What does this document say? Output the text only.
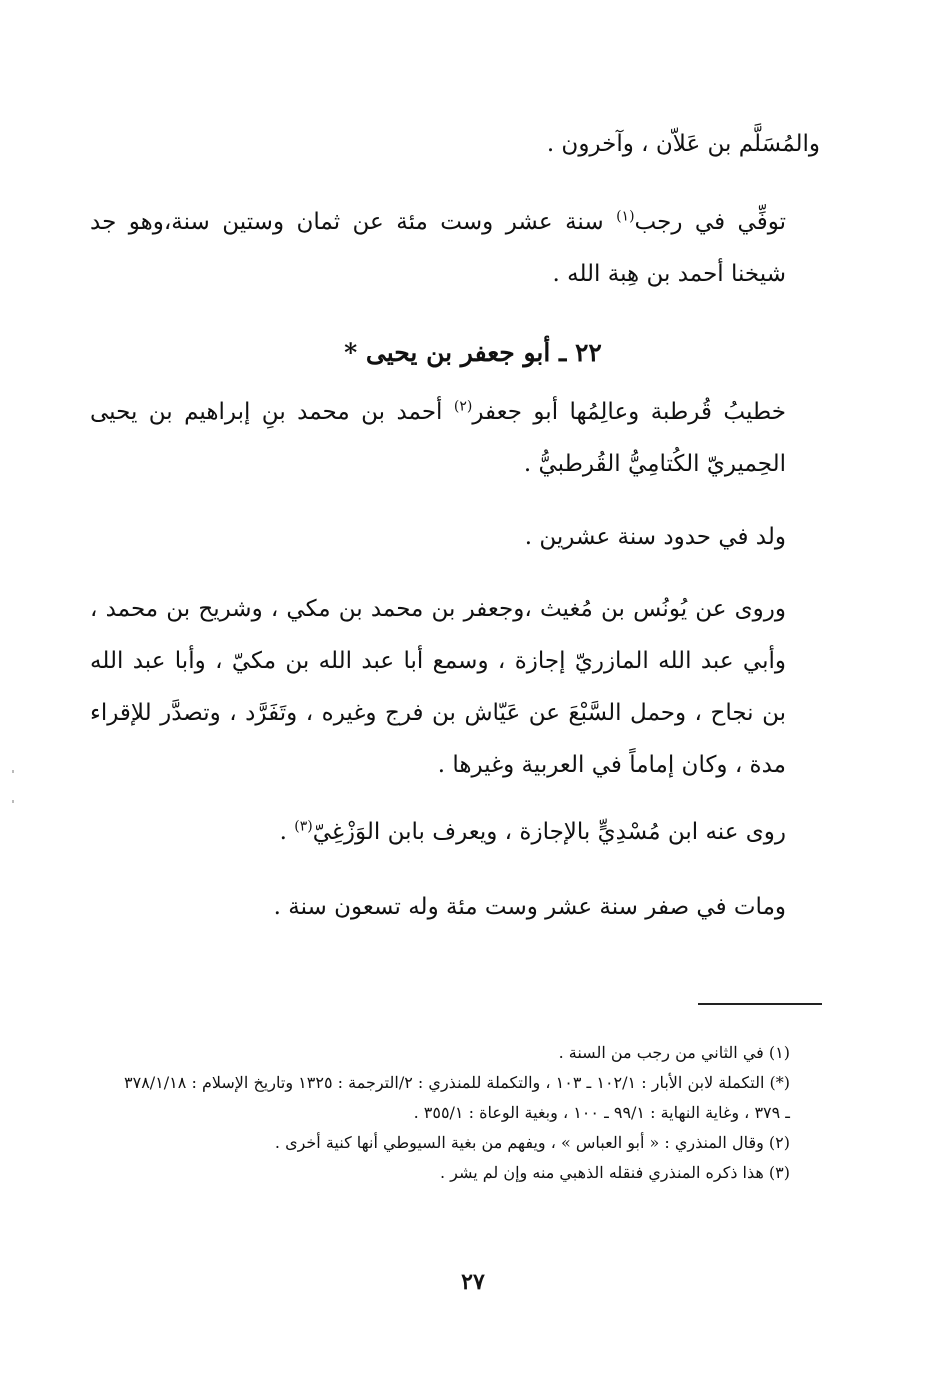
والمُسَلَّم بن عَلاّن ، وآخرون .
توفِّي في رجب$^{(١)}$ سنة عشر وست مئة عن ثمان وستين سنة،وهو جد شيخنا أحمد بن هِبة الله .
٢٢ ـ أبو جعفر بن يحيى *
خطيبُ قُرطبة وعالِمُها أبو جعفر$^{(٢)}$ أحمد بن محمد بنِ إبراهيم بن يحيى الحِميريّ الكُتامِيُّ القُرطبيُّ .
ولد في حدود سنة عشرين .
وروى عن يُونُس بن مُغيث ،وجعفر بن محمد بن مكي ، وشريح بن محمد ، وأبي عبد الله المازريّ إجازة ، وسمع أبا عبد الله بن مكيّ ، وأبا عبد الله بن نجاح ، وحمل السَّبْعَ عن عَيّاش بن فرج وغيره ، وتَفَرَّد ، وتصدَّر للإقراء مدة ، وكان إماماً في العربية وغيرها .
روى عنه ابن مُسْدِيٍّ بالإجازة ، ويعرف بابن الوَزْغِيّ$^{(٣)}$ .
ومات في صفر سنة عشر وست مئة وله تسعون سنة .
(١) في الثاني من رجب من السنة .
(*) التكملة لابن الأبار : ١٠٢/١ ـ ١٠٣ ، والتكملة للمنذري : ٢/الترجمة : ١٣٢٥ وتاريخ الإسلام : ٣٧٨/١/١٨ ـ ٣٧٩ ، وغاية النهاية : ٩٩/١ ـ ١٠٠ ، وبغية الوعاة : ٣٥٥/١ .
(٢) وقال المنذري : « أبو العباس » ، ويفهم من بغية السيوطي أنها كنية أخرى .
(٣) هذا ذكره المنذري فنقله الذهبي منه وإن لم يشر .
٢٧
